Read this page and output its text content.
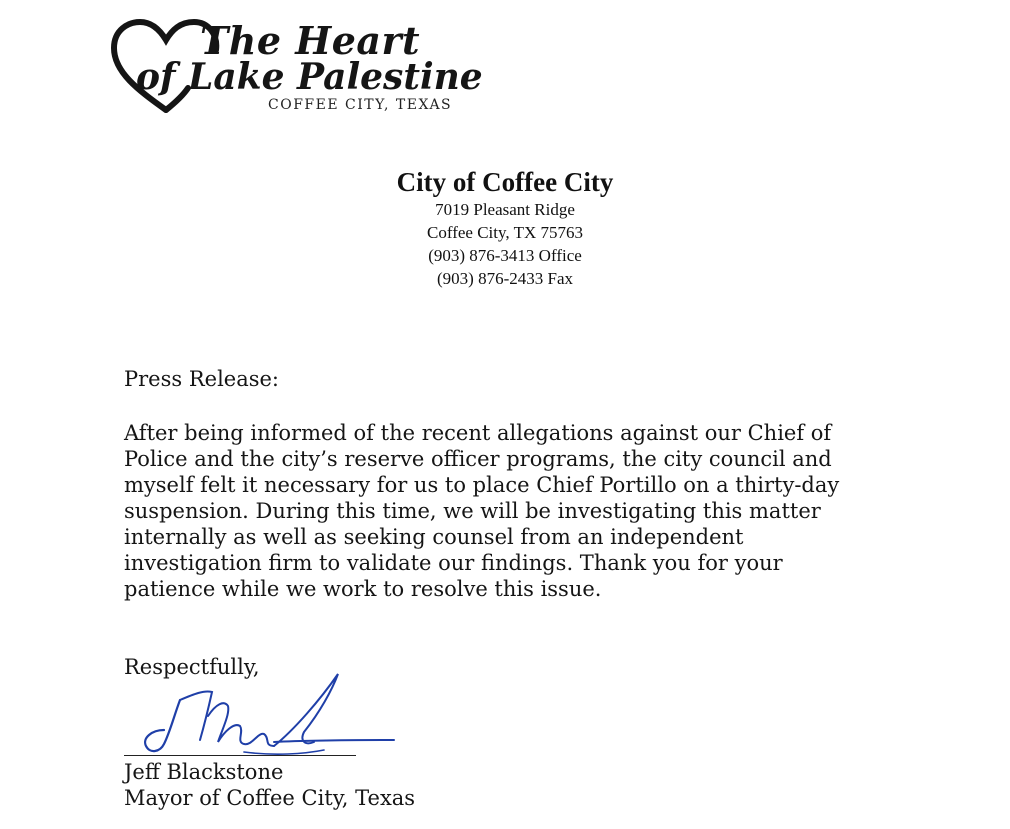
The Heart
of Lake Palestine
COFFEE CITY, TEXAS
City of Coffee City
7019 Pleasant Ridge
Coffee City, TX 75763
(903) 876-3413 Office
(903) 876-2433 Fax
Press Release:
After being informed of the recent allegations against our Chief of
Police and the city’s reserve officer programs, the city council and
myself felt it necessary for us to place Chief Portillo on a thirty-day
suspension. During this time, we will be investigating this matter
internally as well as seeking counsel from an independent
investigation firm to validate our findings. Thank you for your
patience while we work to resolve this issue.
Respectfully,
Jeff Blackstone
Mayor of Coffee City, Texas
